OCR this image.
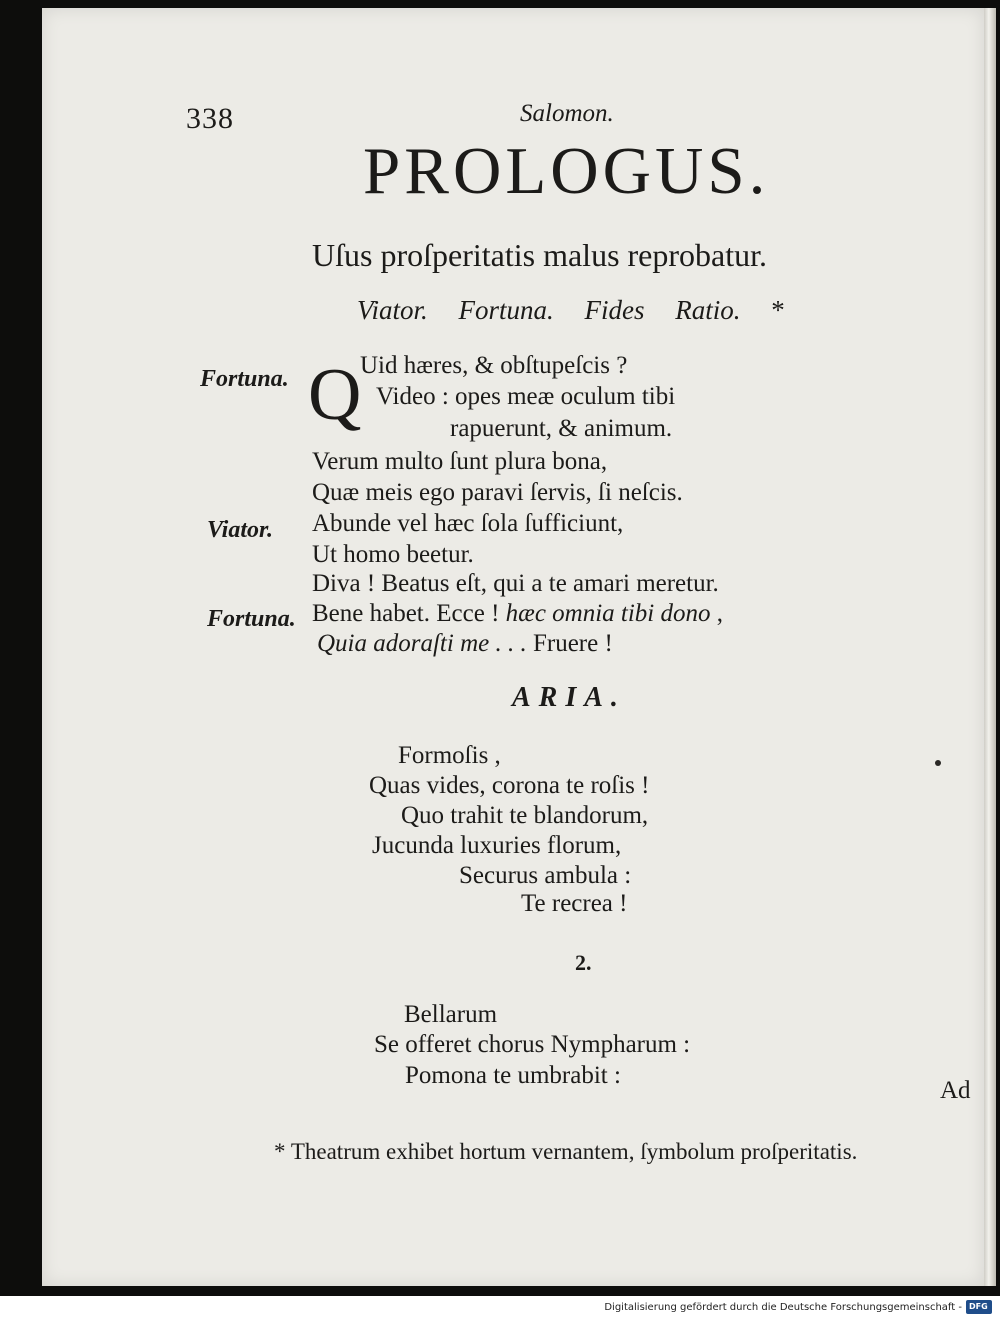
338	Salomon.
PROLOGUS.
Uſus proſperitatis malus reprobatur.
Viator. Fortuna. Fides Ratio. *
Fortuna. Q
Uid hæres, & obſtupeſcis ?
Video : opes meæ oculum tibi
rapuerunt, & animum.
Verum multo ſunt plura bona,
Quæ meis ego paravi ſervis, ſi neſcis.
Viator. Abunde vel hæc ſola ſufficiunt,
Ut homo beetur.
Diva ! Beatus eſt, qui a te amari meretur.
Fortuna. Bene habet. Ecce ! hæc omnia tibi dono ,
Quia adoraſti me . . . Fruere !
ARIA.
Formoſis ,
Quas vides, corona te roſis !
Quo trahit te blandorum,
Jucunda luxuries florum,
Securus ambula :
Te recrea !
2.
Bellarum
Se offeret chorus Nympharum :
Pomona te umbrabit :
Ad
* Theatrum exhibet hortum vernantem, ſymbolum proſperitatis.
Digitalisierung gefördert durch die Deutsche Forschungsgemeinschaft - DFG
